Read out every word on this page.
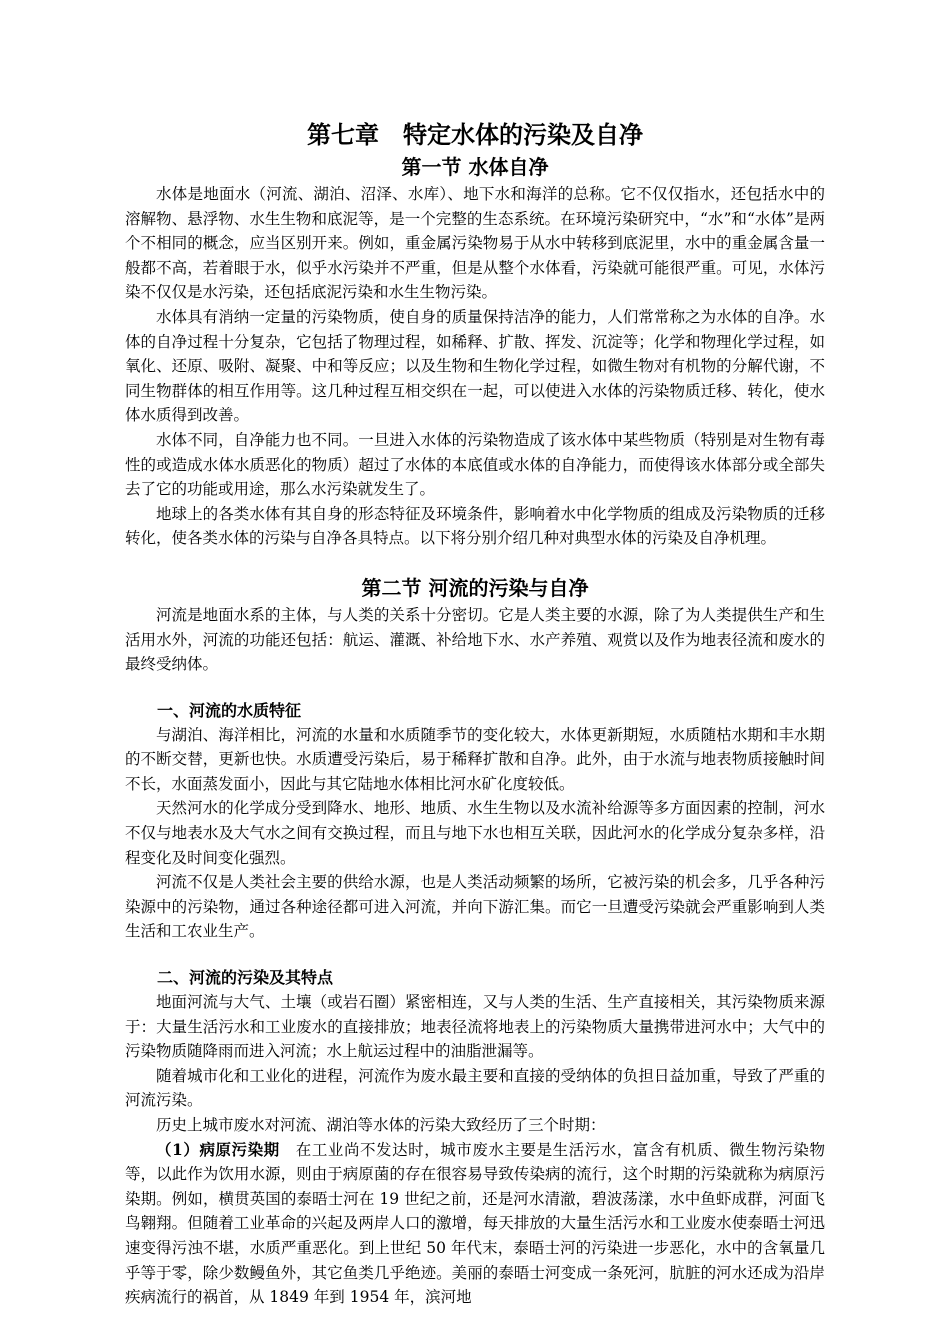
第七章　特定水体的污染及自净
第一节 水体自净

水体是地面水（河流、湖泊、沼泽、水库）、地下水和海洋的总称。它不仅仅指水，还包括水中的溶解物、悬浮物、水生生物和底泥等，是一个完整的生态系统。在环境污染研究中，“水”和“水体”是两个不相同的概念，应当区别开来。例如，重金属污染物易于从水中转移到底泥里，水中的重金属含量一般都不高，若着眼于水，似乎水污染并不严重，但是从整个水体看，污染就可能很严重。可见，水体污染不仅仅是水污染，还包括底泥污染和水生生物污染。

水体具有消纳一定量的污染物质，使自身的质量保持洁净的能力，人们常常称之为水体的自净。水体的自净过程十分复杂，它包括了物理过程，如稀释、扩散、挥发、沉淀等；化学和物理化学过程，如氧化、还原、吸附、凝聚、中和等反应；以及生物和生物化学过程，如微生物对有机物的分解代谢，不同生物群体的相互作用等。这几种过程互相交织在一起，可以使进入水体的污染物质迁移、转化，使水体水质得到改善。

水体不同，自净能力也不同。一旦进入水体的污染物造成了该水体中某些物质（特别是对生物有毒性的或造成水体水质恶化的物质）超过了水体的本底值或水体的自净能力，而使得该水体部分或全部失去了它的功能或用途，那么水污染就发生了。

地球上的各类水体有其自身的形态特征及环境条件，影响着水中化学物质的组成及污染物质的迁移转化，使各类水体的污染与自净各具特点。以下将分别介绍几种对典型水体的污染及自净机理。

第二节 河流的污染与自净

河流是地面水系的主体，与人类的关系十分密切。它是人类主要的水源，除了为人类提供生产和生活用水外，河流的功能还包括：航运、灌溉、补给地下水、水产养殖、观赏以及作为地表径流和废水的最终受纳体。

一、河流的水质特征

与湖泊、海洋相比，河流的水量和水质随季节的变化较大，水体更新期短，水质随枯水期和丰水期的不断交替，更新也快。水质遭受污染后，易于稀释扩散和自净。此外，由于水流与地表物质接触时间不长，水面蒸发面小，因此与其它陆地水体相比河水矿化度较低。

天然河水的化学成分受到降水、地形、地质、水生生物以及水流补给源等多方面因素的控制，河水不仅与地表水及大气水之间有交换过程，而且与地下水也相互关联，因此河水的化学成分复杂多样，沿程变化及时间变化强烈。

河流不仅是人类社会主要的供给水源，也是人类活动频繁的场所，它被污染的机会多，几乎各种污染源中的污染物，通过各种途径都可进入河流，并向下游汇集。而它一旦遭受污染就会严重影响到人类生活和工农业生产。

二、河流的污染及其特点

地面河流与大气、土壤（或岩石圈）紧密相连，又与人类的生活、生产直接相关，其污染物质来源于：大量生活污水和工业废水的直接排放；地表径流将地表上的污染物质大量携带进河水中；大气中的污染物质随降雨而进入河流；水上航运过程中的油脂泄漏等。

随着城市化和工业化的进程，河流作为废水最主要和直接的受纳体的负担日益加重，导致了严重的河流污染。

历史上城市废水对河流、湖泊等水体的污染大致经历了三个时期：

（1）病原污染期　 在工业尚不发达时，城市废水主要是生活污水，富含有机质、微生物污染物等，以此作为饮用水源，则由于病原菌的存在很容易导致传染病的流行，这个时期的污染就称为病原污染期。例如，横贯英国的泰晤士河在 19 世纪之前，还是河水清澈，碧波荡漾，水中鱼虾成群，河面飞鸟翱翔。但随着工业革命的兴起及两岸人口的激增，每天排放的大量生活污水和工业废水使泰晤士河迅速变得污浊不堪，水质严重恶化。到上世纪 50 年代末，泰晤士河的污染进一步恶化，水中的含氧量几乎等于零，除少数鳗鱼外，其它鱼类几乎绝迹。美丽的泰晤士河变成一条死河，肮脏的河水还成为沿岸疾病流行的祸首，从 1849 年到 1954 年，滨河地
